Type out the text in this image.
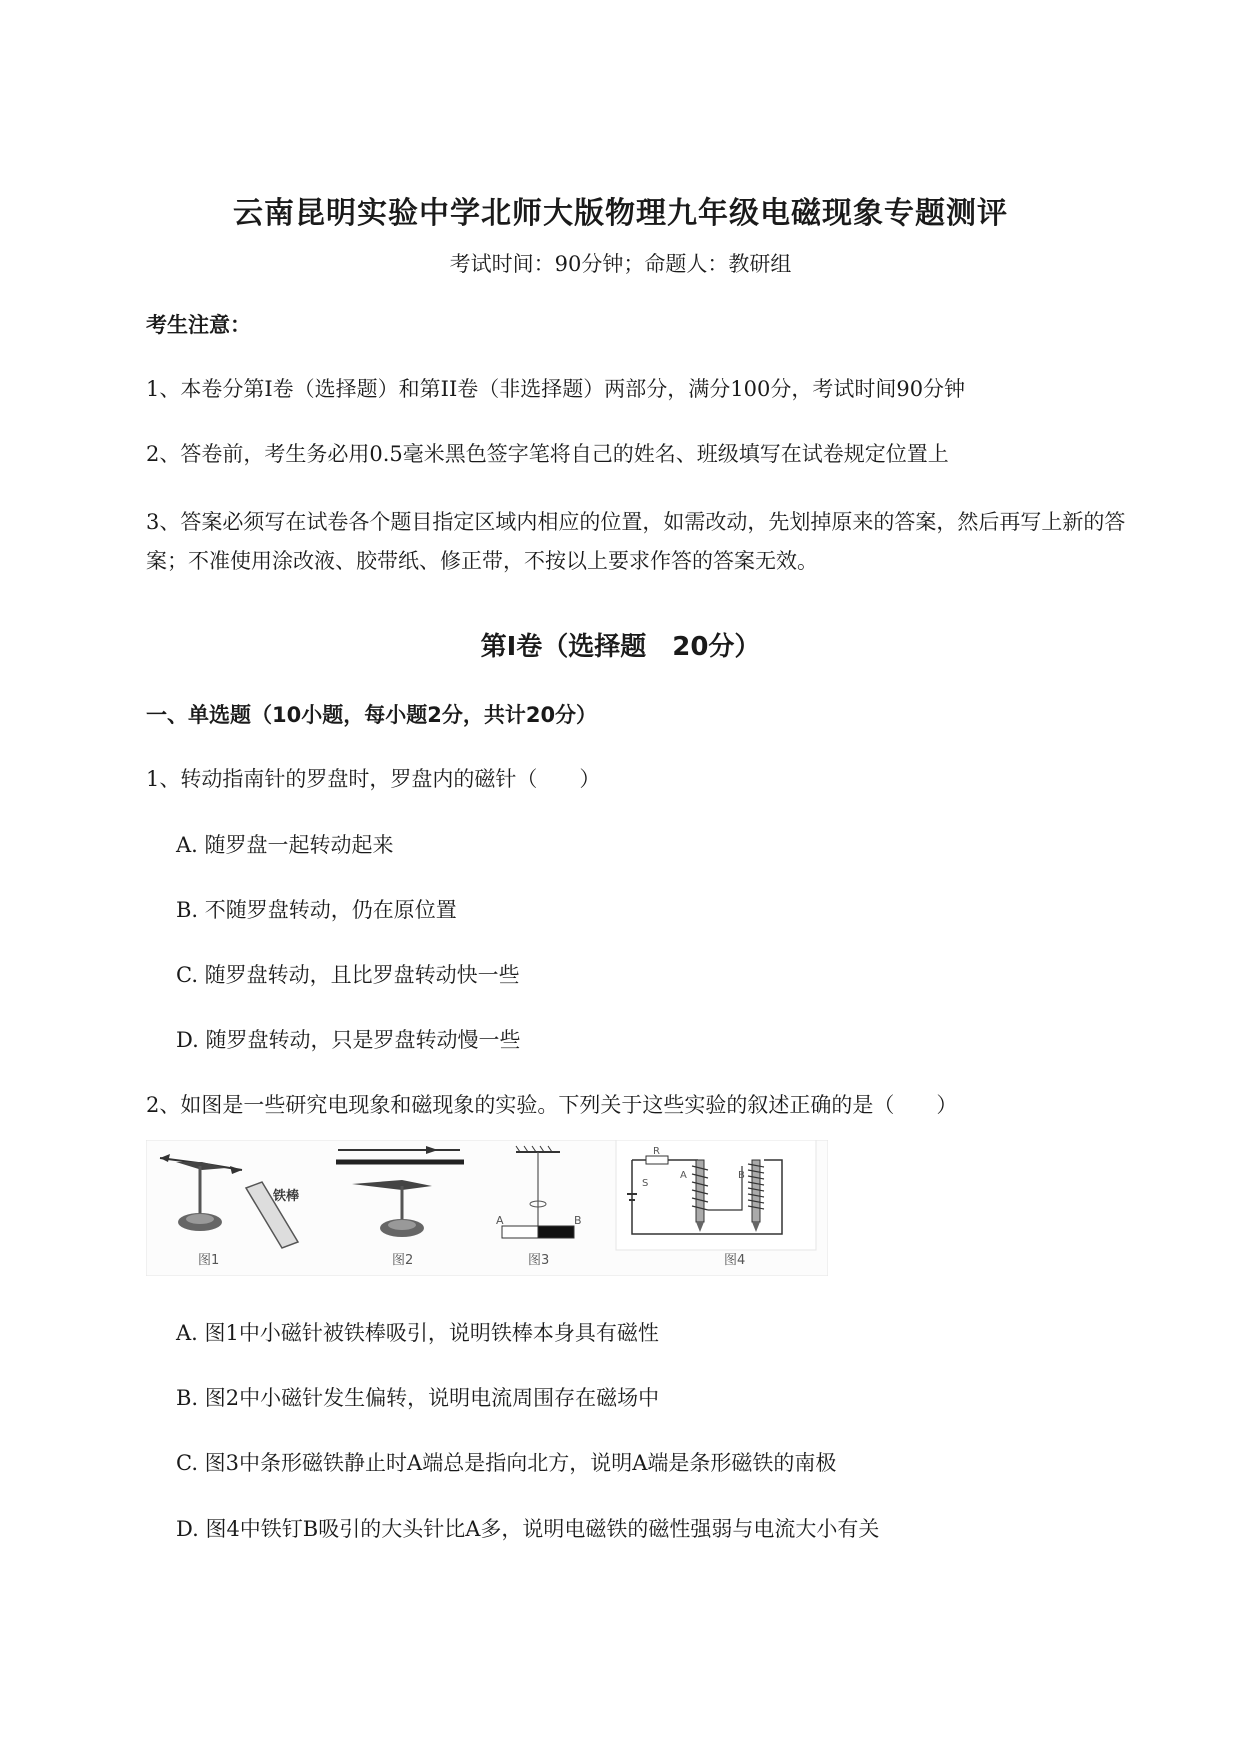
云南昆明实验中学北师大版物理九年级电磁现象专题测评
考试时间：90分钟；命题人：教研组
考生注意：
1、本卷分第I卷（选择题）和第II卷（非选择题）两部分，满分100分，考试时间90分钟
2、答卷前，考生务必用0.5毫米黑色签字笔将自己的姓名、班级填写在试卷规定位置上
3、答案必须写在试卷各个题目指定区域内相应的位置，如需改动，先划掉原来的答案，然后再写上新的答案；不准使用涂改液、胶带纸、修正带，不按以上要求作答的答案无效。
第I卷（选择题　20分）
一、单选题（10小题，每小题2分，共计20分）
1、转动指南针的罗盘时，罗盘内的磁针（　　）
A. 随罗盘一起转动起来
B. 不随罗盘转动，仍在原位置
C. 随罗盘转动，且比罗盘转动快一些
D. 随罗盘转动，只是罗盘转动慢一些
2、如图是一些研究电现象和磁现象的实验。下列关于这些实验的叙述正确的是（　　）
铁棒
图1	图2
A	B
图3
S
R
A	B
图4
A. 图1中小磁针被铁棒吸引，说明铁棒本身具有磁性
B. 图2中小磁针发生偏转，说明电流周围存在磁场中
C. 图3中条形磁铁静止时A端总是指向北方，说明A端是条形磁铁的南极
D. 图4中铁钉B吸引的大头针比A多，说明电磁铁的磁性强弱与电流大小有关
